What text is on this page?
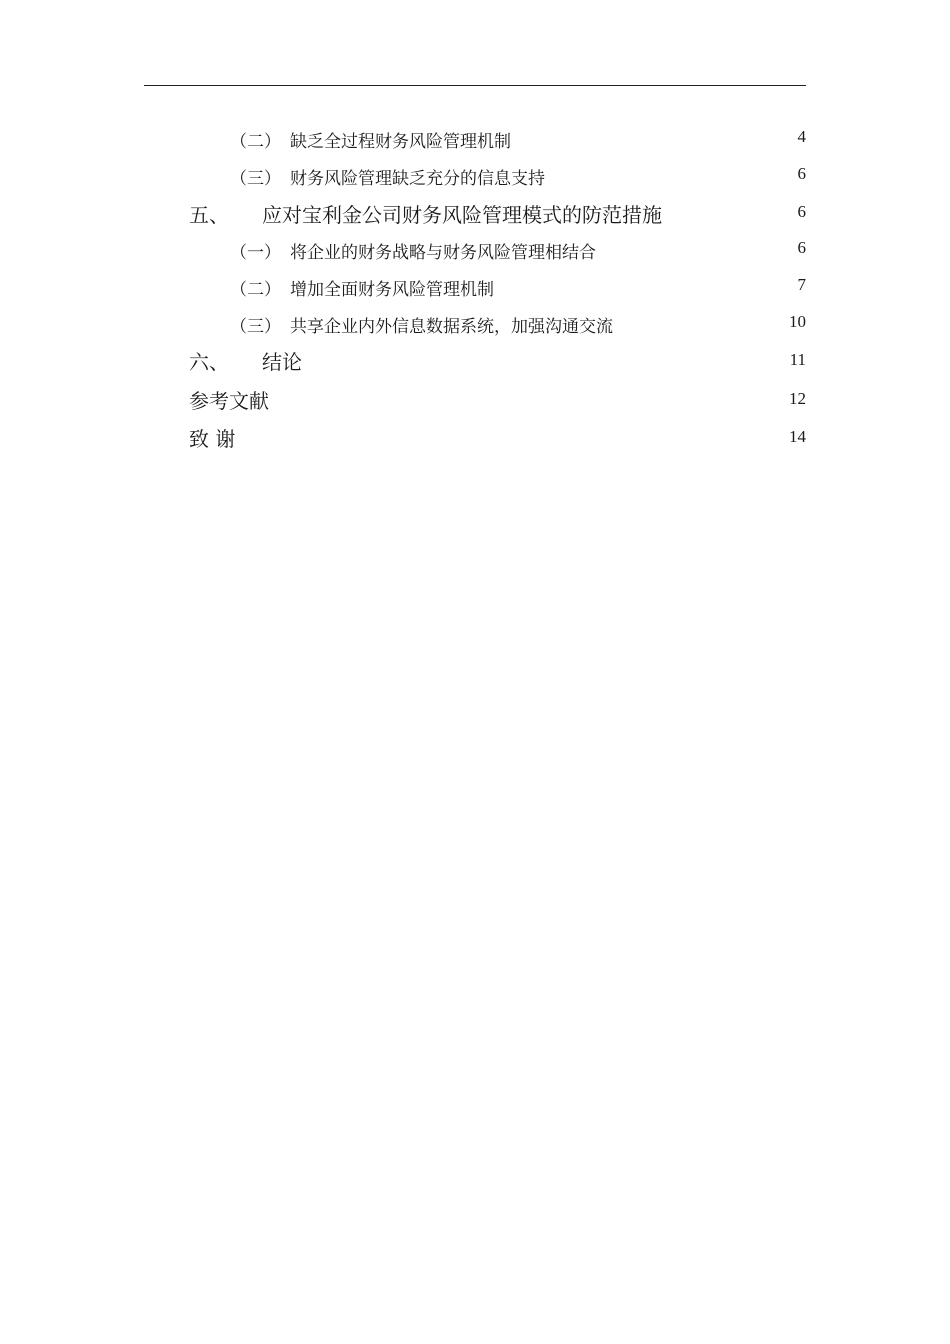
（二） 缺乏全过程财务风险管理机制	4
（三） 财务风险管理缺乏充分的信息支持	6
五、 应对宝利金公司财务风险管理模式的防范措施	6
（一） 将企业的财务战略与财务风险管理相结合	6
（二） 增加全面财务风险管理机制	7
（三） 共享企业内外信息数据系统，加强沟通交流	10
六、 结论	11
参考文献	12
致 谢	14
